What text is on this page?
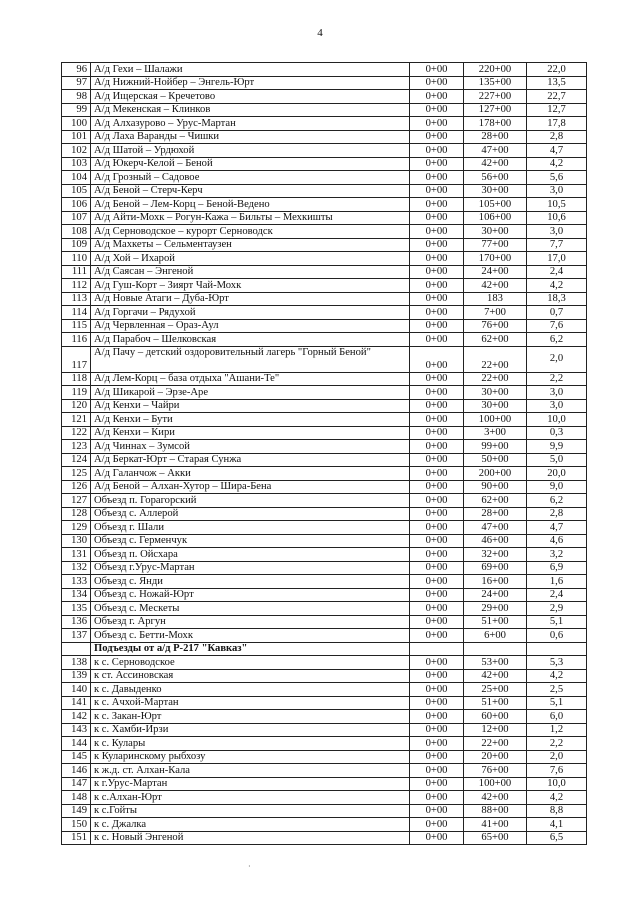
4
96	А/д Гехи – Шалажи	0+00	220+00	22,0
97	А/д Нижний-Нойбер – Энгель-Юрт	0+00	135+00	13,5
98	А/д Ищерская – Кречетово	0+00	227+00	22,7
99	А/д Мекенская – Клинков	0+00	127+00	12,7
100	А/д Алхазурово – Урус-Мартан	0+00	178+00	17,8
101	А/д Лаха Варанды – Чишки	0+00	28+00	2,8
102	А/д Шатой – Урдюхой	0+00	47+00	4,7
103	А/д Юкерч-Келой – Беной	0+00	42+00	4,2
104	А/д Грозный – Садовое	0+00	56+00	5,6
105	А/д Беной – Стерч-Керч	0+00	30+00	3,0
106	А/д Беной – Лем-Корц – Беной-Ведено	0+00	105+00	10,5
107	А/д Айти-Мохк – Рогун-Кажа – Бильты – Мехкишты	0+00	106+00	10,6
108	А/д Серноводское – курорт Серноводск	0+00	30+00	3,0
109	А/д Махкеты – Сельментаузен	0+00	77+00	7,7
110	А/д Хой – Ихарой	0+00	170+00	17,0
111	А/д Саясан – Энгеной	0+00	24+00	2,4
112	А/д Гуш-Корт – Зиярт Чай-Мохк	0+00	42+00	4,2
113	А/д Новые Атаги – Дуба-Юрт	0+00	183	18,3
114	А/д Горгачи – Рядухой	0+00	7+00	0,7
115	А/д Червленная – Ораз-Аул	0+00	76+00	7,6
116	А/д Парабоч – Шелковская	0+00	62+00	6,2
117	А/д Пачу – детский оздоровительный лагерь "Горный Беной"	0+00	22+00	2,0
118	А/д Лем-Корц – база отдыха "Ашани-Те"	0+00	22+00	2,2
119	А/д Шикарой – Эрзе-Аре	0+00	30+00	3,0
120	А/д Кенхи – Чайри	0+00	30+00	3,0
121	А/д Кенхи – Бути	0+00	100+00	10,0
122	А/д Кенхи – Кири	0+00	3+00	0,3
123	А/д Чиннах – Зумсой	0+00	99+00	9,9
124	А/д Беркат-Юрт – Старая Сунжа	0+00	50+00	5,0
125	А/д Галанчож – Акки	0+00	200+00	20,0
126	А/д Беной – Алхан-Хутор – Шира-Бена	0+00	90+00	9,0
127	Объезд п. Горагорский	0+00	62+00	6,2
128	Объезд с. Аллерой	0+00	28+00	2,8
129	Объезд г. Шали	0+00	47+00	4,7
130	Объезд с. Герменчук	0+00	46+00	4,6
131	Объезд п. Ойсхара	0+00	32+00	3,2
132	Объезд г.Урус-Мартан	0+00	69+00	6,9
133	Объезд с. Янди	0+00	16+00	1,6
134	Объезд с. Ножай-Юрт	0+00	24+00	2,4
135	Объезд с. Мескеты	0+00	29+00	2,9
136	Объезд г. Аргун	0+00	51+00	5,1
137	Объезд с. Бетти-Мохк	0+00	6+00	0,6
	Подъезды от а/д Р-217 "Кавказ"			
138	к с. Серноводское	0+00	53+00	5,3
139	к ст. Ассиновская	0+00	42+00	4,2
140	к с. Давыденко	0+00	25+00	2,5
141	к с. Ачхой-Мартан	0+00	51+00	5,1
142	к с. Закан-Юрт	0+00	60+00	6,0
143	к с. Хамби-Ирзи	0+00	12+00	1,2
144	к с. Кулары	0+00	22+00	2,2
145	к Куларинскому рыбхозу	0+00	20+00	2,0
146	к ж.д. ст. Алхан-Кала	0+00	76+00	7,6
147	к г.Урус-Мартан	0+00	100+00	10,0
148	к с.Алхан-Юрт	0+00	42+00	4,2
149	к с.Гойты	0+00	88+00	8,8
150	к с. Джалка	0+00	41+00	4,1
151	к с. Новый Энгеной	0+00	65+00	6,5
·
